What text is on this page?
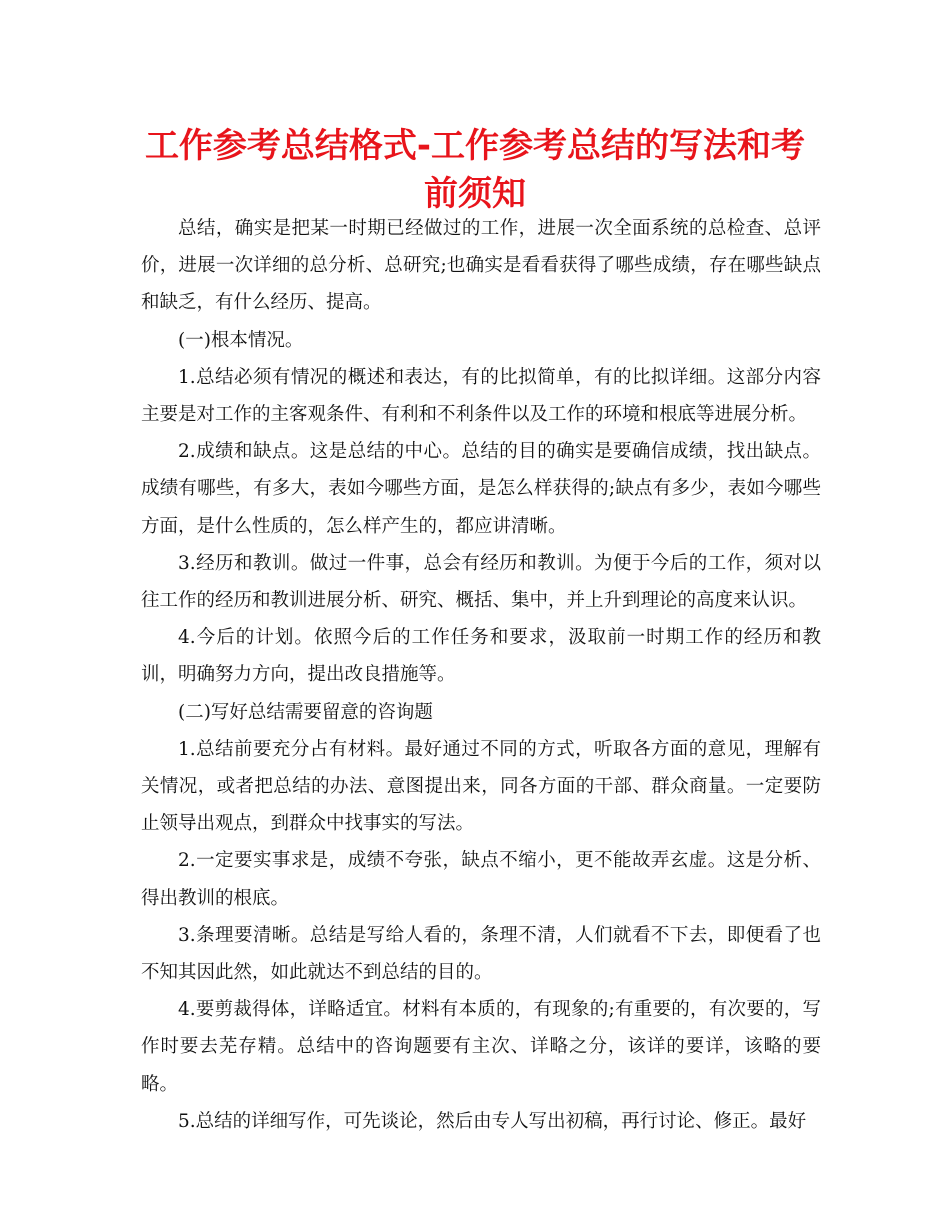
工作参考总结格式-工作参考总结的写法和考前须知

总结，确实是把某一时期已经做过的工作，进展一次全面系统的总检查、总评价，进展一次详细的总分析、总研究;也确实是看看获得了哪些成绩，存在哪些缺点和缺乏，有什么经历、提高。

(一)根本情况。

1.总结必须有情况的概述和表达，有的比拟简单，有的比拟详细。这部分内容主要是对工作的主客观条件、有利和不利条件以及工作的环境和根底等进展分析。

2.成绩和缺点。这是总结的中心。总结的目的确实是要确信成绩，找出缺点。成绩有哪些，有多大，表如今哪些方面，是怎么样获得的;缺点有多少，表如今哪些方面，是什么性质的，怎么样产生的，都应讲清晰。

3.经历和教训。做过一件事，总会有经历和教训。为便于今后的工作，须对以往工作的经历和教训进展分析、研究、概括、集中，并上升到理论的高度来认识。

4.今后的计划。依照今后的工作任务和要求，汲取前一时期工作的经历和教训，明确努力方向，提出改良措施等。

(二)写好总结需要留意的咨询题

1.总结前要充分占有材料。最好通过不同的方式，听取各方面的意见，理解有关情况，或者把总结的办法、意图提出来，同各方面的干部、群众商量。一定要防止领导出观点，到群众中找事实的写法。

2.一定要实事求是，成绩不夸张，缺点不缩小，更不能故弄玄虚。这是分析、得出教训的根底。

3.条理要清晰。总结是写给人看的，条理不清，人们就看不下去，即便看了也不知其因此然，如此就达不到总结的目的。

4.要剪裁得体，详略适宜。材料有本质的，有现象的;有重要的，有次要的，写作时要去芜存精。总结中的咨询题要有主次、详略之分，该详的要详，该略的要略。

5.总结的详细写作，可先谈论，然后由专人写出初稿，再行讨论、修正。最好
